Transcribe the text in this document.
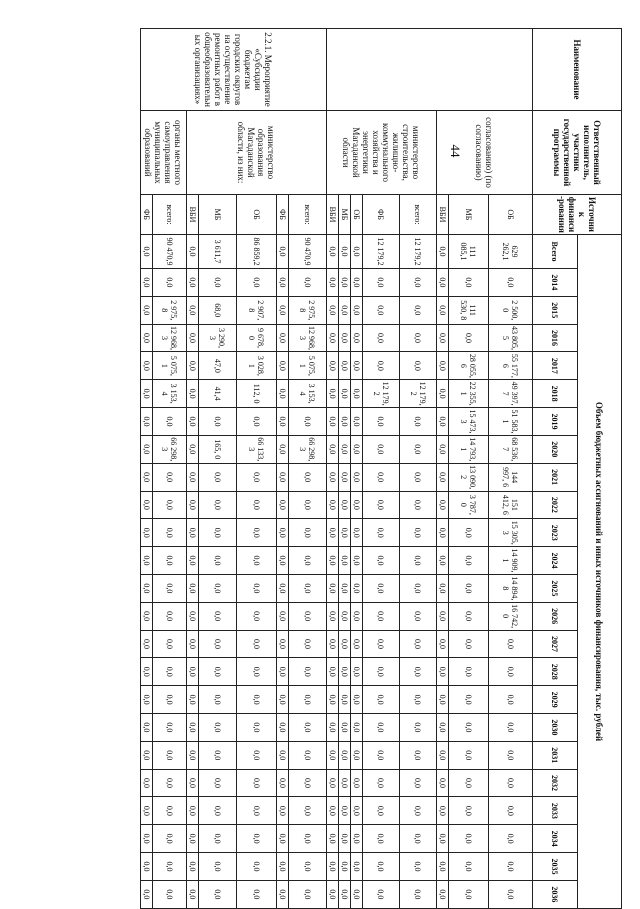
44
Наименование	Ответственный исполнитель, участник государственной программы	Источник финанси-рования	Объем бюджетных ассигнований и иных источников финансирования, тыс. рублей																								
			Всего	2014	2015	2016	2017	2018	2019	2020	2021	2022	2023	2024	2025	2026	2027	2028	2029	2030	2031	2032	2033	2034	2035	2036	

	согласованию) (по согласованию)	ОБ	629 262,1	0,0	2 500, 0	43 805, 5	55 177, 6	49 397, 7	51 583, 1	68 536, 7	144 997, 6	151 412, 6	15 305, 3	14 909, 1	14 894, 8	16 742, 0	0,0	0,0	0,0	0,0	0,0	0,0	0,0	0,0	0,0	0,0	
		МБ	111 085,1	0,0	111 530, 8	0,0	28 055, 6	22 355, 1	15 473, 3	14 793, 1	13 090, 2	3 787, 0	0,0	0,0	0,0	0,0	0,0	0,0	0,0	0,0	0,0	0,0	0,0	0,0	0,0	0,0	
		ВБИ	0,0	0,0	0,0	0,0	0,0	0,0	0,0	0,0	0,0	0,0	0,0	0,0	0,0	0,0	0,0	0,0	0,0	0,0	0,0	0,0	0,0	0,0	0,0	0,0	
	министерство строительства, жилищно-коммунального хозяйства и энергетики Магаданской области	всего:	12 179,2	0,0	0,0	0,0	0,0	12 179, 2	0,0	0,0	0,0	0,0	0,0	0,0	0,0	0,0	0,0	0,0	0,0	0,0	0,0	0,0	0,0	0,0	0,0	0,0	
		ФБ	12 179,2	0,0	0,0	0,0	0,0	12 179, 2	0,0	0,0	0,0	0,0	0,0	0,0	0,0	0,0	0,0	0,0	0,0	0,0	0,0	0,0	0,0	0,0	0,0	0,0	
		ОБ	0,0	0,0	0,0	0,0	0,0	0,0	0,0	0,0	0,0	0,0	0,0	0,0	0,0	0,0	0,0	0,0	0,0	0,0	0,0	0,0	0,0	0,0	0,0	0,0	
		МБ	0,0	0,0	0,0	0,0	0,0	0,0	0,0	0,0	0,0	0,0	0,0	0,0	0,0	0,0	0,0	0,0	0,0	0,0	0,0	0,0	0,0	0,0	0,0	0,0	
		ВБИ	0,0	0,0	0,0	0,0	0,0	0,0	0,0	0,0	0,0	0,0	0,0	0,0	0,0	0,0	0,0	0,0	0,0	0,0	0,0	0,0	0,0	0,0	0,0	0,0	
2.2.1. Мероприятие «Субсидии бюджетам городских округов на осуществление ремонтных работ в общеобразовательных организациях»	министерство образования Магаданской области, из них:	всего:	90 470,9	0,0	2 975, 8	12 968, 3	5 075, 1	3 153, 4	0,0	66 298, 3	0,0	0,0	0,0	0,0	0,0	0,0	0,0	0,0	0,0	0,0	0,0	0,0	0,0	0,0	0,0	0,0	
		ФБ	0,0	0,0	0,0	0,0	0,0	0,0	0,0	0,0	0,0	0,0	0,0	0,0	0,0	0,0	0,0	0,0	0,0	0,0	0,0	0,0	0,0	0,0	0,0	0,0	
		ОБ	86 859,2	0,0	2 907, 8	9 678, 0	3 028, 1	112, 0	0,0	66 133, 3	0,0	0,0	0,0	0,0	0,0	0,0	0,0	0,0	0,0	0,0	0,0	0,0	0,0	0,0	0,0	0,0	
		МБ	3 611,7	0,0	68,0	3 290, 3	47,0	41,4	0,0	165, 0	0,0	0,0	0,0	0,0	0,0	0,0	0,0	0,0	0,0	0,0	0,0	0,0	0,0	0,0	0,0	0,0	
		ВБИ	0,0	0,0	0,0	0,0	0,0	0,0	0,0	0,0	0,0	0,0	0,0	0,0	0,0	0,0	0,0	0,0	0,0	0,0	0,0	0,0	0,0	0,0	0,0	0,0	
	органы местного самоуправления муниципальных образований	всего:	90 470,9	0,0	2 975, 8	12 968, 3	5 075, 1	3 153, 4	0,0	66 298, 3	0,0	0,0	0,0	0,0	0,0	0,0	0,0	0,0	0,0	0,0	0,0	0,0	0,0	0,0	0,0	0,0	
		ФБ	0,0	0,0	0,0	0,0	0,0	0,0	0,0	0,0	0,0	0,0	0,0	0,0	0,0	0,0	0,0	0,0	0,0	0,0	0,0	0,0	0,0	0,0	0,0	0,0	
